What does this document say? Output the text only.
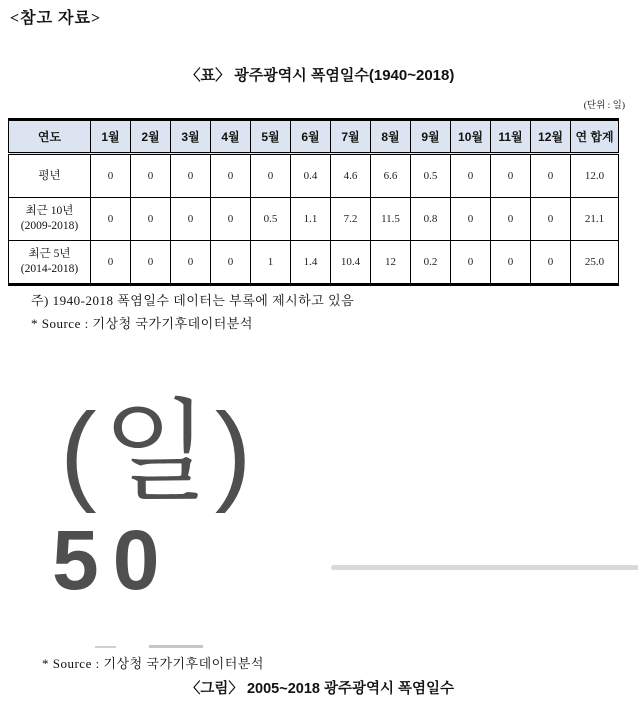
<참고 자료>
〈표〉 광주광역시 폭염일수(1940~2018)
(단위 : 일)
연도	1월	2월	3월	4월	5월	6월	7월	8월	9월	10월	11월	12월	연 합계

평년	0	0	0	0	0	0.4	4.6	6.6	0.5	0	0	0	12.0

최근 10년
(2009-2018)	0	0	0	0	0.5	1.1	7.2	11.5	0.8	0	0	0	21.1

최근 5년
(2014-2018)	0	0	0	0	1	1.4	10.4	12	0.2	0	0	0	25.0
주) 1940-2018 폭염일수 데이터는 부록에 제시하고 있음
* Source : 기상청 국가기후데이터분석
(일)
50
* Source : 기상청 국가기후데이터분석
〈그림〉 2005~2018 광주광역시 폭염일수
